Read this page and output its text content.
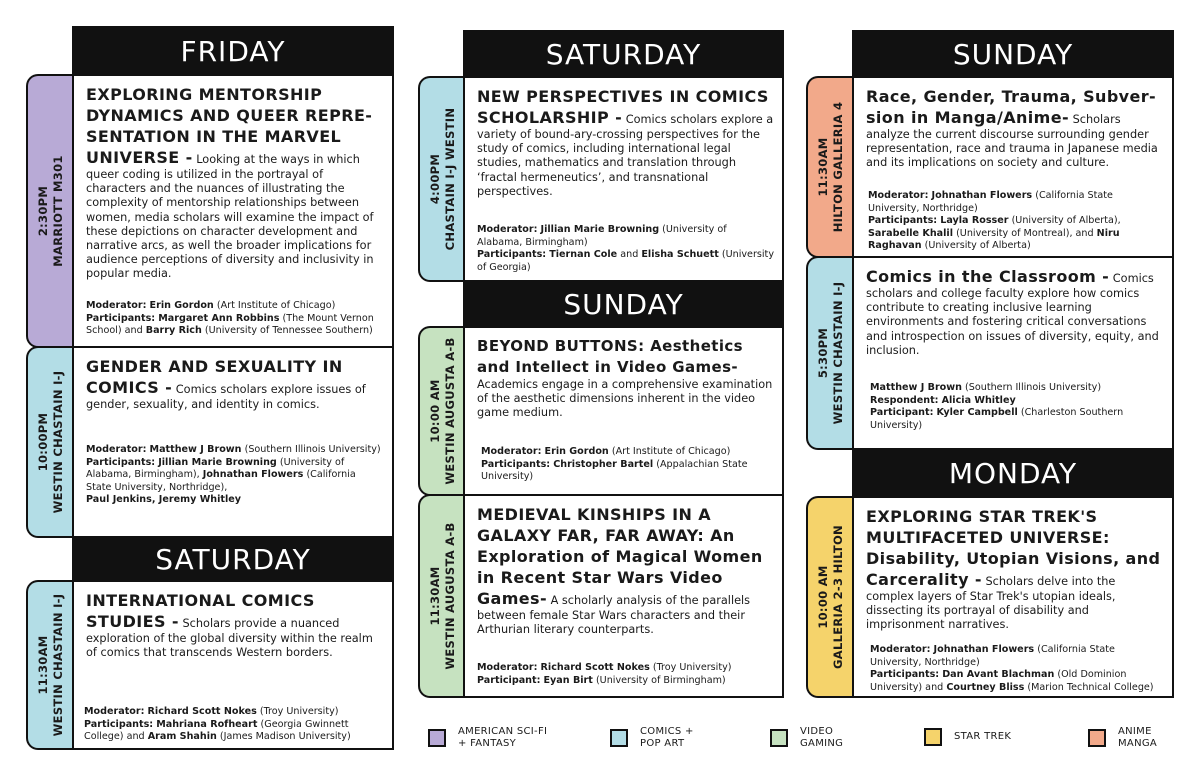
FRIDAY
2:30PM MARRIOTT M301
EXPLORING MENTORSHIP DYNAMICS AND QUEER REPRE-SENTATION IN THE MARVEL UNIVERSE - Looking at the ways in which queer coding is utilized in the portrayal of characters and the nuances of illustrating the complexity of mentorship relationships between women, media scholars will examine the impact of these depictions on character development and narrative arcs, as well the broader implications for audience perceptions of diversity and inclusivity in popular media.
Moderator: Erin Gordon (Art Institute of Chicago)
Participants: Margaret Ann Robbins (The Mount Vernon School) and Barry Rich (University of Tennessee Southern)
10:00PM WESTIN CHASTAIN I-J
GENDER AND SEXUALITY IN COMICS - Comics scholars explore issues of gender, sexuality, and identity in comics.
Moderator: Matthew J Brown (Southern Illinois University)
Participants: Jillian Marie Browning (University of Alabama, Birmingham), Johnathan Flowers (California State University, Northridge),
Paul Jenkins, Jeremy Whitley
SATURDAY
11:30AM WESTIN CHASTAIN I-J INTERNATIONAL COMICS STUDIES - Scholars provide a nuanced exploration of the global diversity within the realm of comics that transcends Western borders.
Moderator: Richard Scott Nokes (Troy University)
Participants: Mahriana Rofheart (Georgia Gwinnett College) and Aram Shahin (James Madison University)
SATURDAY
4:00PM CHASTAIN I-J WESTIN
NEW PERSPECTIVES IN COMICS SCHOLARSHIP - Comics scholars explore a variety of bound-ary-crossing perspectives for the study of comics, including international legal studies, mathematics and translation through ‘fractal hermeneutics’, and transnational perspectives.
Moderator: Jillian Marie Browning (University of Alabama, Birmingham)
Participants: Tiernan Cole and Elisha Schuett (University of Georgia)
SUNDAY
10:00 AM WESTIN AUGUSTA A-B BEYOND BUTTONS: Aesthetics and Intellect in Video Games-
Academics engage in a comprehensive examination of the aesthetic dimensions inherent in the video game medium.
Moderator: Erin Gordon (Art Institute of Chicago)
Participants: Christopher Bartel (Appalachian State University)
11:30AM WESTIN AUGUSTA A-B
MEDIEVAL KINSHIPS IN A GALAXY FAR, FAR AWAY: An Exploration of Magical Women in Recent Star Wars Video Games- A scholarly analysis of the parallels between female Star Wars characters and their Arthurian literary counterparts.
Moderator: Richard Scott Nokes (Troy University)
Participant: Eyan Birt (University of Birmingham)
SUNDAY
11:30AM HILTON GALLERIA 4
Race, Gender, Trauma, Subver-sion in Manga/Anime- Scholars analyze the current discourse surrounding gender representation, race and trauma in Japanese media and its implications on society and culture.
Moderator: Johnathan Flowers (California State University, Northridge)
Participants: Layla Rosser (University of Alberta), Sarabelle Khalil (University of Montreal), and Niru Raghavan (University of Alberta)
5:30PM WESTIN CHASTAIN I-J
Comics in the Classroom - Comics scholars and college faculty explore how comics contribute to creating inclusive learning environments and fostering critical conversations and introspection on issues of diversity, equity, and inclusion.
Matthew J Brown (Southern Illinois University)
Respondent: Alicia Whitley
Participant: Kyler Campbell (Charleston Southern University)
MONDAY
10:00 AM GALLERIA 2-3 HILTON
EXPLORING STAR TREK'S MULTIFACETED UNIVERSE: Disability, Utopian Visions, and Carcerality - Scholars delve into the complex layers of Star Trek's utopian ideals, dissecting its portrayal of disability and imprisonment narratives.
Moderator: Johnathan Flowers (California State University, Northridge)
Participants: Dan Avant Blachman (Old Dominion University) and Courtney Bliss (Marion Technical College)
AMERICAN SCI-FI
+ FANTASY
COMICS +
POP ART
VIDEO
GAMING
STAR TREK	ANIME
MANGA
